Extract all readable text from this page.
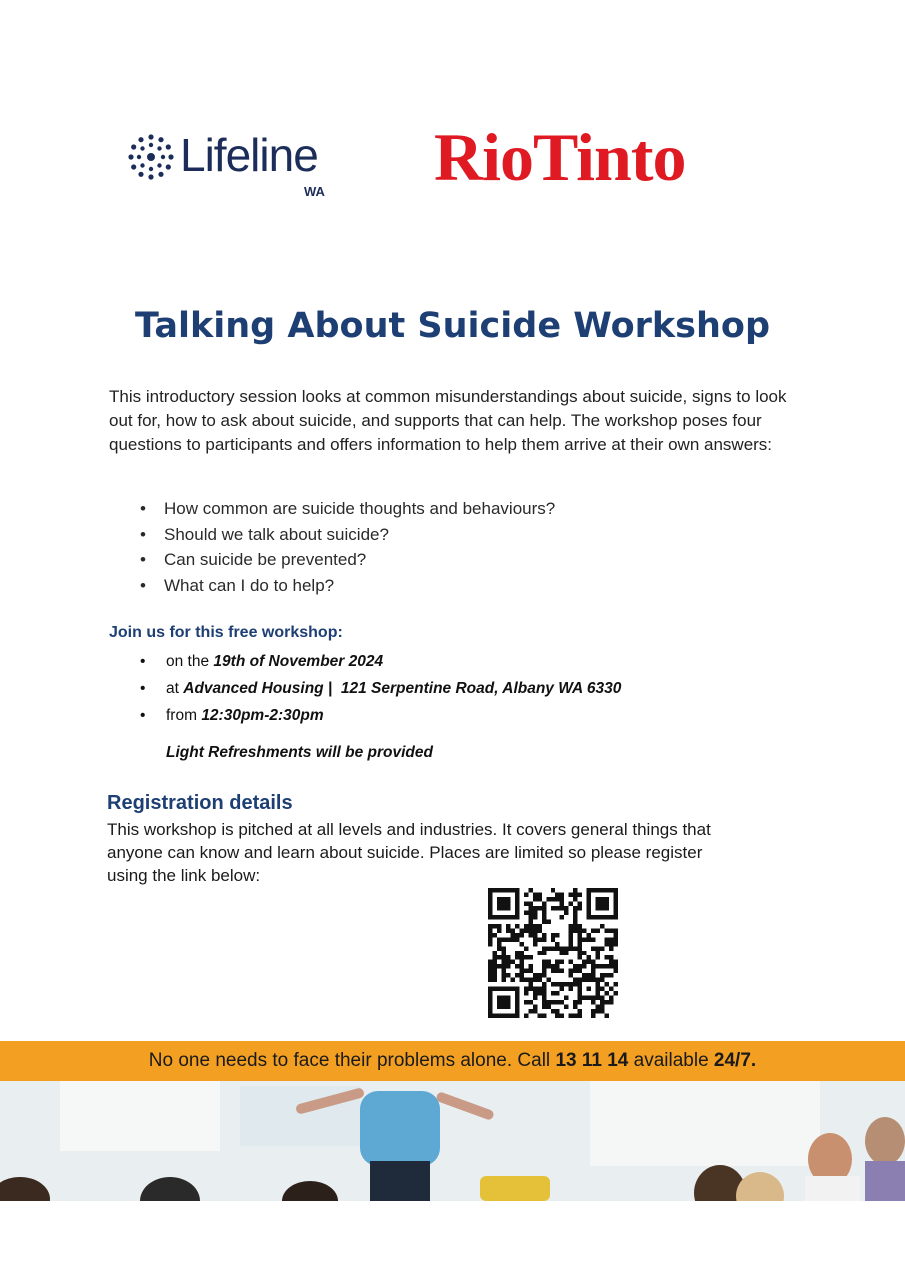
Lifeline
WA RioTinto
Talking About Suicide Workshop
This introductory session looks at common misunderstandings about suicide, signs to look out for, how to ask about suicide, and supports that can help. The workshop poses four questions to participants and offers information to help them arrive at their own answers:
• How common are suicide thoughts and behaviours?
• Should we talk about suicide?
• Can suicide be prevented?
• What can I do to help?
Join us for this free workshop:
• on the 19th of November 2024
• at Advanced Housing |  121 Serpentine Road, Albany WA 6330
• from 12:30pm-2:30pm
Light Refreshments will be provided
Registration details
This workshop is pitched at all levels and industries. It covers general things that anyone can know and learn about suicide. Places are limited so please register using the link below:
No one needs to face their problems alone. Call 13 11 14 available 24/7.
